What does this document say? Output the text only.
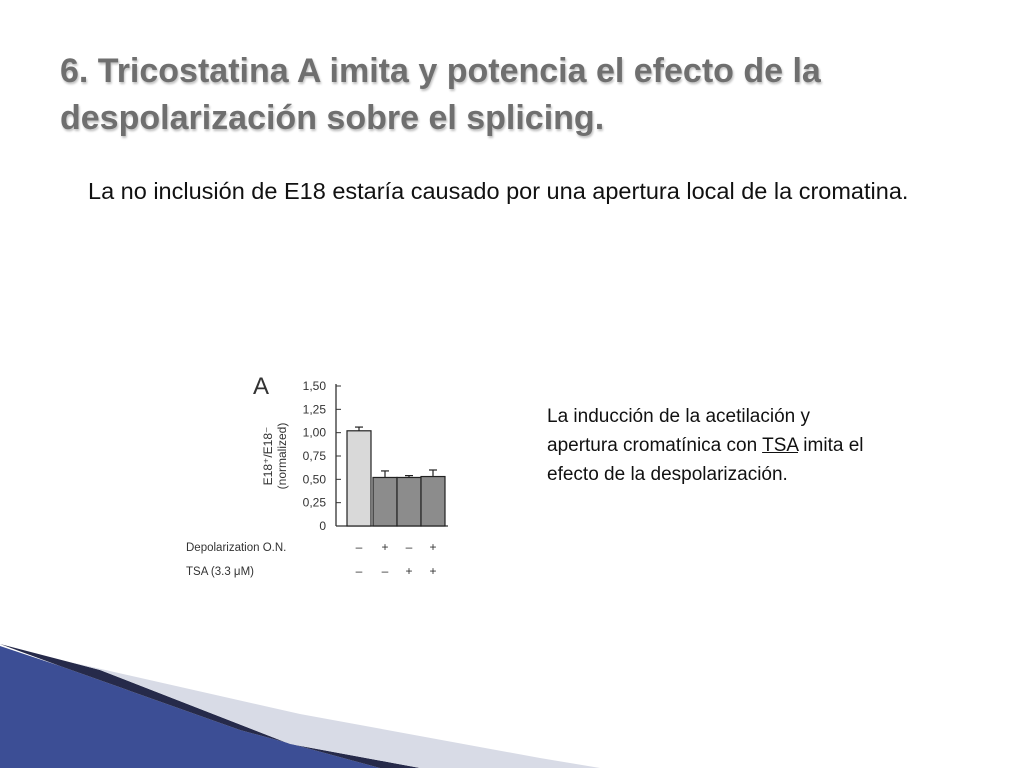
6. Tricostatina A imita y potencia el efecto de la despolarización sobre el splicing.

La no inclusión de E18 estaría causado por una apertura local de la cromatina.

La inducción de la acetilación y apertura cromatínica con TSA imita el efecto de la despolarización.

A
E18⁺/E18⁻ (normalized)
0
0,25
0,50
0,75
1,00
1,25
1,50
Depolarization O.N.	– + – +
TSA (3.3 μM)	– – + +
